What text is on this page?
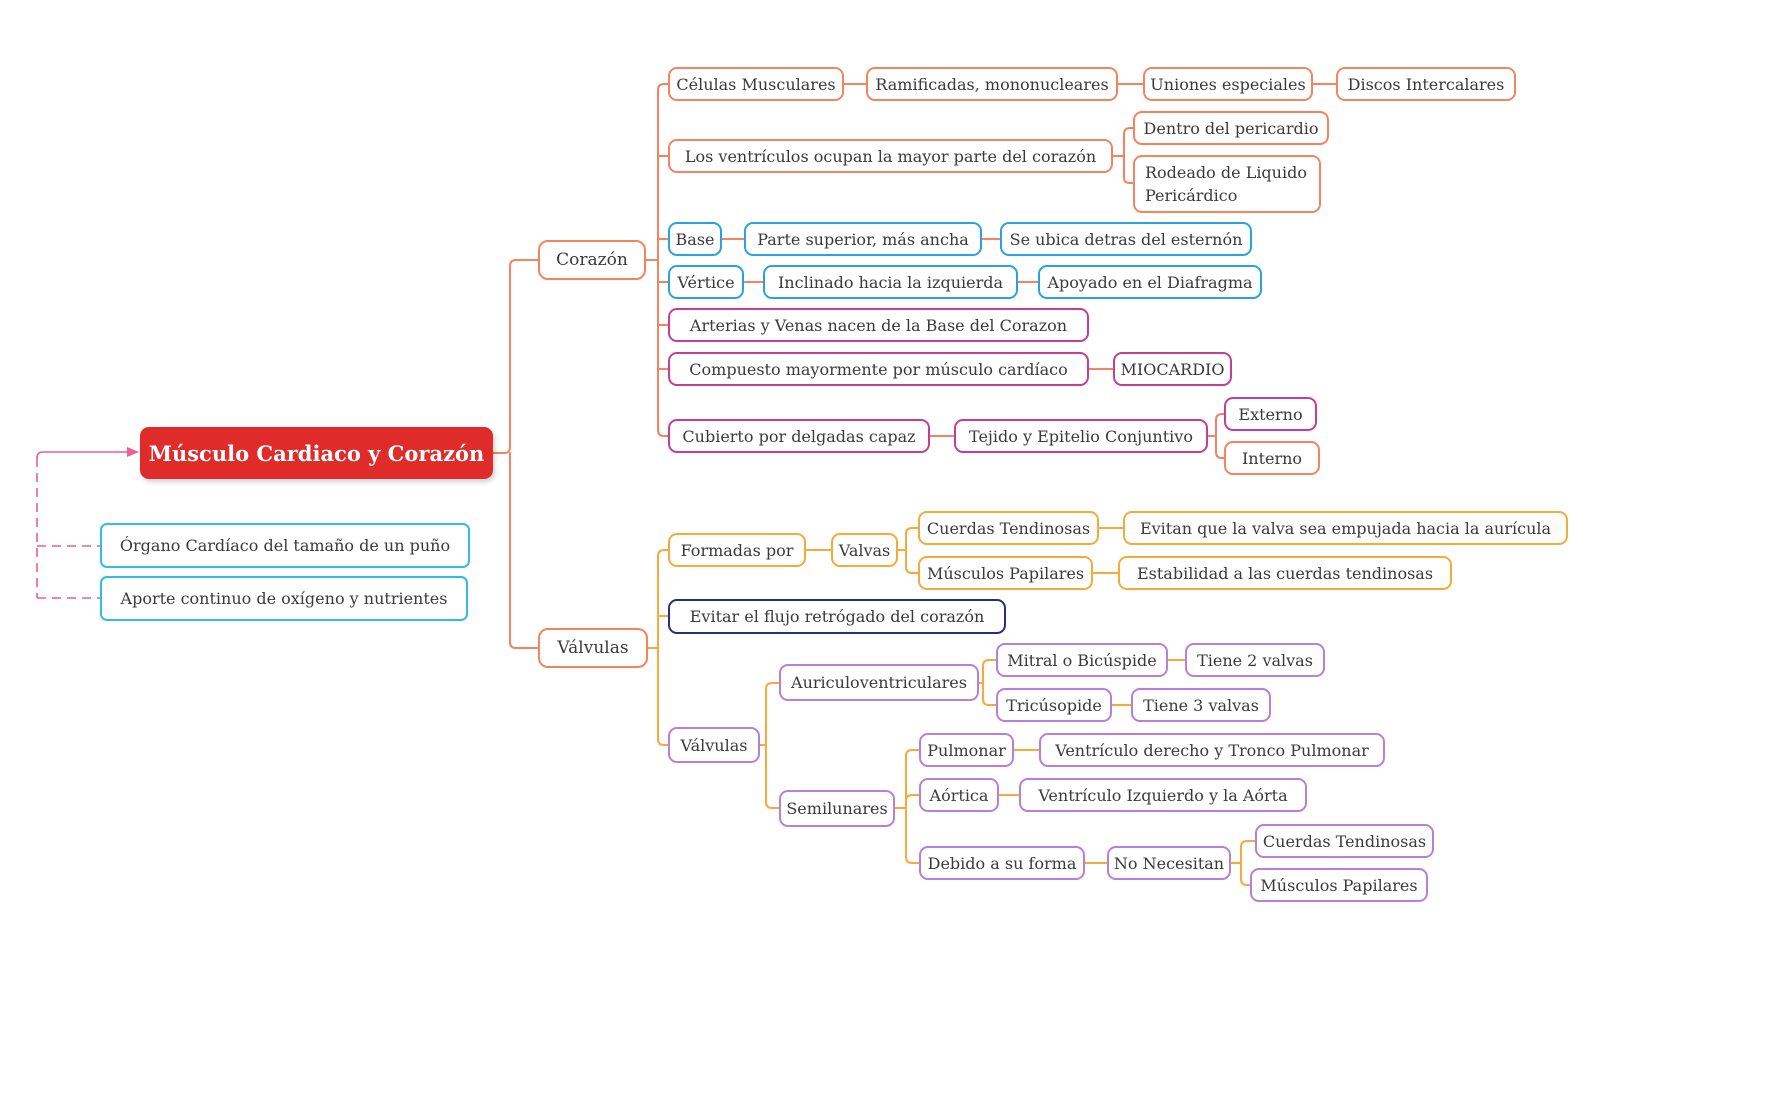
Músculo Cardiaco y Corazón
Órgano Cardíaco del tamaño de un puño
Aporte continuo de oxígeno y nutrientes
Corazón
Células Musculares	Ramificadas, mononucleares	Uniones especiales	Discos Intercalares
Los ventrículos ocupan la mayor parte del corazón
Dentro del pericardio
Rodeado de Liquido Pericárdico
Base	Parte superior, más ancha	Se ubica detras del esternón
Vértice	Inclinado hacia la izquierda	Apoyado en el Diafragma
Arterias y Venas nacen de la Base del Corazon
Compuesto mayormente por músculo cardíaco	MIOCARDIO
Cubierto por delgadas capaz	Tejido y Epitelio Conjuntivo
Externo
Interno
Válvulas
Formadas por	Valvas
Cuerdas Tendinosas	Evitan que la valva sea empujada hacia la aurícula
Músculos Papilares	Estabilidad a las cuerdas tendinosas
Evitar el flujo retrógado del corazón
Válvulas
Auriculoventriculares
Mitral o Bicúspide	Tiene 2 valvas
Tricúsopide	Tiene 3 valvas
Semilunares
Pulmonar	Ventrículo derecho y Tronco Pulmonar
Aórtica	Ventrículo Izquierdo y la Aórta
Debido a su forma	No Necesitan
Cuerdas Tendinosas
Músculos Papilares
